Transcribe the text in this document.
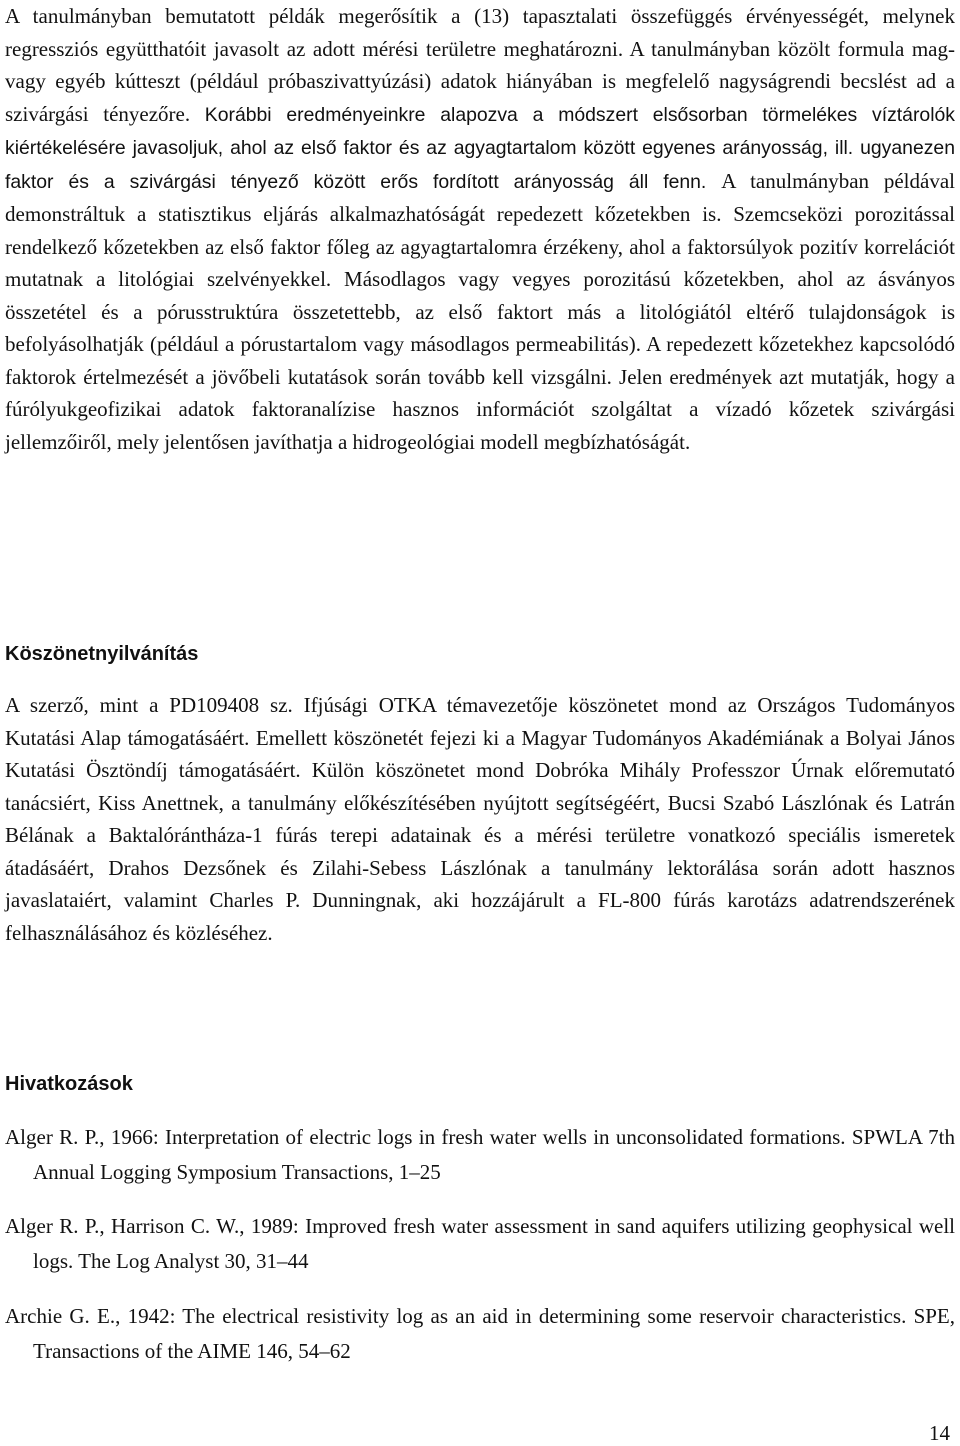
A tanulmányban bemutatott példák megerősítik a (13) tapasztalati összefüggés érvényességét, melynek regressziós együtthatóit javasolt az adott mérési területre meghatározni. A tanulmányban közölt formula mag- vagy egyéb kútteszt (például próbaszivattyúzási) adatok hiányában is megfelelő nagyságrendi becslést ad a szivárgási tényezőre. Korábbi eredményeinkre alapozva a módszert elsősorban törmelékes víztárolók kiértékelésére javasoljuk, ahol az első faktor és az agyagtartalom között egyenes arányosság, ill. ugyanezen faktor és a szivárgási tényező között erős fordított arányosság áll fenn. A tanulmányban példával demonstráltuk a statisztikus eljárás alkalmazhatóságát repedezett kőzetekben is. Szemcseközi porozitással rendelkező kőzetekben az első faktor főleg az agyagtartalomra érzékeny, ahol a faktorsúlyok pozitív korrelációt mutatnak a litológiai szelvényekkel. Másodlagos vagy vegyes porozitású kőzetekben, ahol az ásványos összetétel és a pórusstruktúra összetettebb, az első faktort más a litológiától eltérő tulajdonságok is befolyásolhatják (például a pórustartalom vagy másodlagos permeabilitás). A repedezett kőzetekhez kapcsolódó faktorok értelmezését a jövőbeli kutatások során tovább kell vizsgálni. Jelen eredmények azt mutatják, hogy a fúrólyukgeofizikai adatok faktoranalízise hasznos információt szolgáltat a vízadó kőzetek szivárgási jellemzőiről, mely jelentősen javíthatja a hidrogeológiai modell megbízhatóságát.

Köszönetnyilvánítás

A szerző, mint a PD109408 sz. Ifjúsági OTKA témavezetője köszönetet mond az Országos Tudományos Kutatási Alap támogatásáért. Emellett köszönetét fejezi ki a Magyar Tudományos Akadémiának a Bolyai János Kutatási Ösztöndíj támogatásáért. Külön köszönetet mond Dobróka Mihály Professzor Úrnak előremutató tanácsiért, Kiss Anettnek, a tanulmány előkészítésében nyújtott segítségéért, Bucsi Szabó Lászlónak és Latrán Bélának a Baktalórántháza-1 fúrás terepi adatainak és a mérési területre vonatkozó speciális ismeretek átadásáért, Drahos Dezsőnek és Zilahi-Sebess Lászlónak a tanulmány lektorálása során adott hasznos javaslataiért, valamint Charles P. Dunningnak, aki hozzájárult a FL-800 fúrás karotázs adatrendszerének felhasználásához és közléséhez.

Hivatkozások

Alger R. P., 1966: Interpretation of electric logs in fresh water wells in unconsolidated formations. SPWLA 7th Annual Logging Symposium Transactions, 1–25

Alger R. P., Harrison C. W., 1989: Improved fresh water assessment in sand aquifers utilizing geophysical well logs. The Log Analyst 30, 31–44

Archie G. E., 1942: The electrical resistivity log as an aid in determining some reservoir characteristics. SPE, Transactions of the AIME 146, 54–62

14
